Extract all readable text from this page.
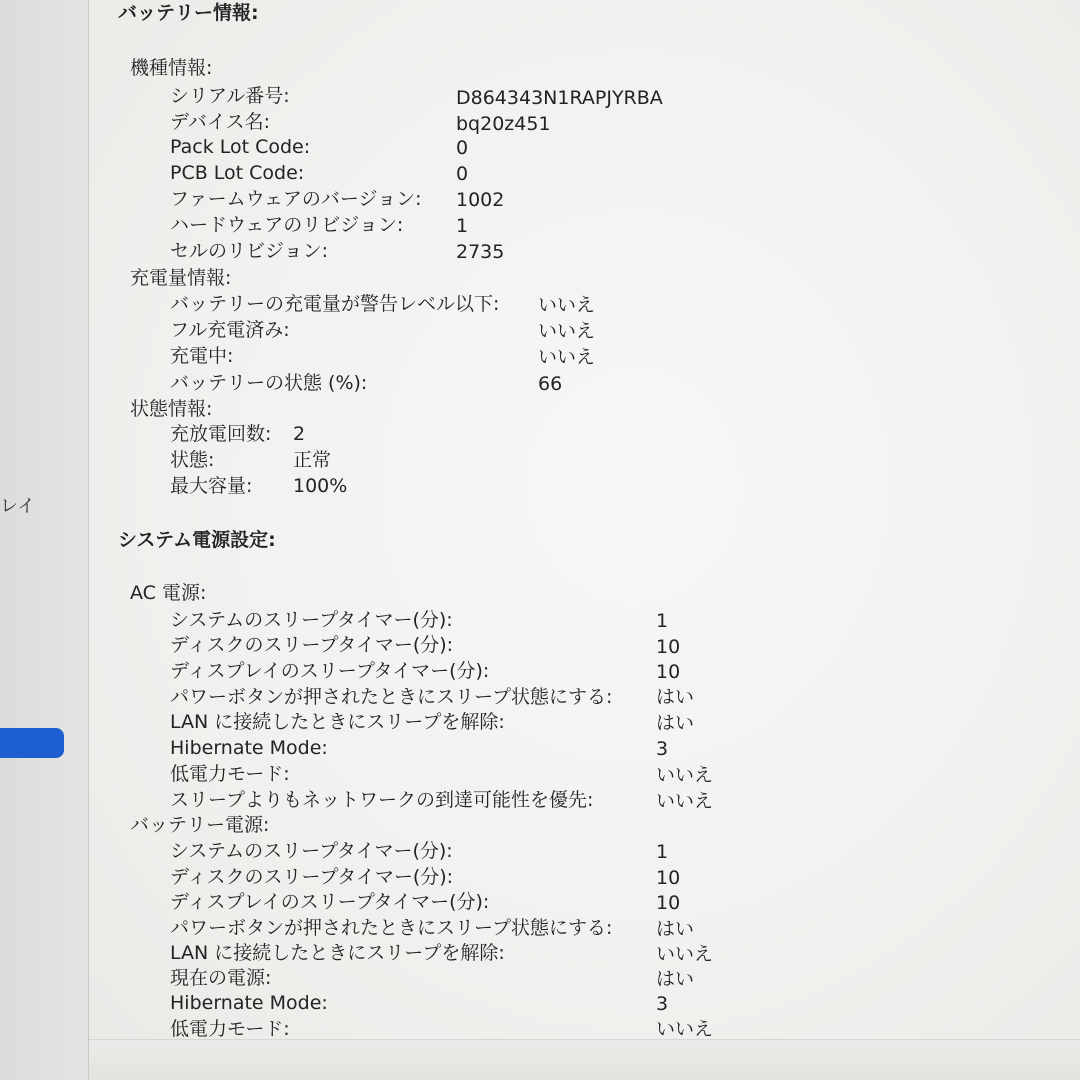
レイ
バッテリー情報:
機種情報:
シリアル番号:	D864343N1RAPJYRBA
デバイス名:	bq20z451
Pack Lot Code:	0
PCB Lot Code:	0
ファームウェアのバージョン: 1002
ハードウェアのリビジョン:	1
セルのリビジョン:	2735
充電量情報:
バッテリーの充電量が警告レベル以下: いいえ
フル充電済み:	いいえ
充電中:	いいえ
バッテリーの状態 (%):	66
状態情報:
充放電回数: 2
状態:	正常
最大容量: 100%
システム電源設定:
AC 電源:
システムのスリープタイマー(分):	1
ディスクのスリープタイマー(分):	10
ディスプレイのスリープタイマー(分):	10
パワーボタンが押されたときにスリープ状態にする: はい
LAN に接続したときにスリープを解除:	はい
Hibernate Mode:	3
低電力モード:	いいえ
スリープよりもネットワークの到達可能性を優先:	いいえ
バッテリー電源:
システムのスリープタイマー(分):	1
ディスクのスリープタイマー(分):	10
ディスプレイのスリープタイマー(分):	10
パワーボタンが押されたときにスリープ状態にする: はい
LAN に接続したときにスリープを解除:	いいえ
現在の電源:	はい
Hibernate Mode:	3
低電力モード:	いいえ
